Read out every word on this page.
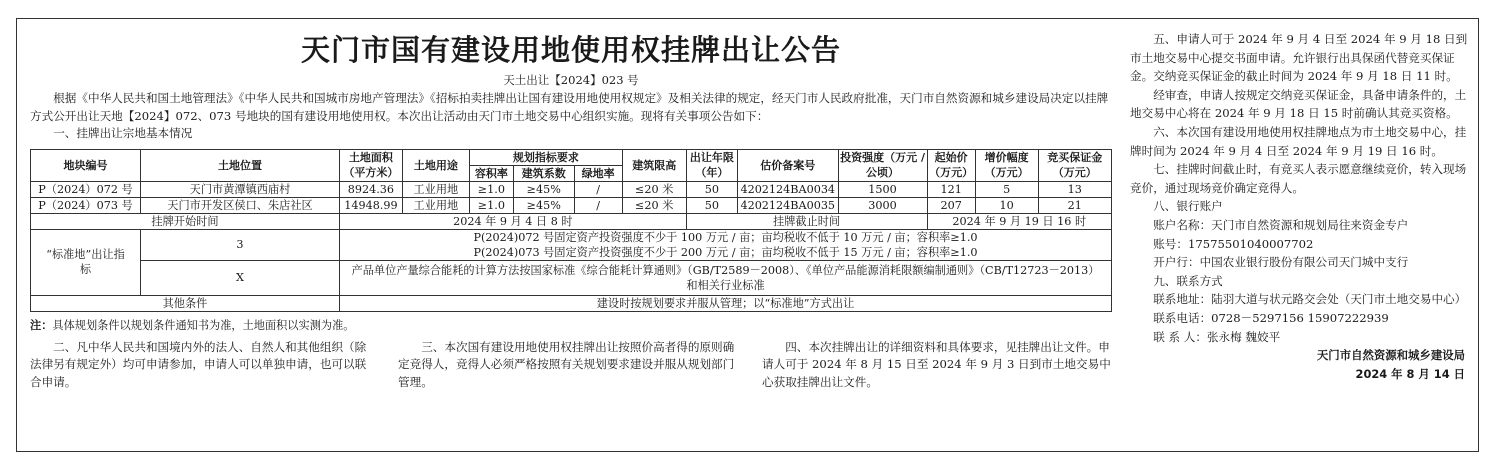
天门市国有建设用地使用权挂牌出让公告
天土出让【2024】023 号

根据《中华人民共和国土地管理法》《中华人民共和国城市房地产管理法》《招标拍卖挂牌出让国有建设用地使用权规定》及相关法律的规定，经天门市人民政府批准，天门市自然资源和城乡建设局决定以挂牌方式公开出让天地【2024】072、073 号地块的国有建设用地使用权。本次出让活动由天门市土地交易中心组织实施。现将有关事项公告如下：

一、挂牌出让宗地基本情况

地块编号	土地位置	土地面积（平方米）	土地用途	规划指标要求			建筑限高	出让年限（年）	估价备案号	投资强度（万元 / 公顷）	起始价（万元）	增价幅度（万元）	竞买保证金（万元）
				容积率	建筑系数	绿地率							
P（2024）072 号	天门市黄潭镇西庙村	8924.36	工业用地	≥1.0	≥45%	/	≤20 米	50	4202124BA0034	1500	121	5	13
P（2024）073 号	天门市开发区侯口、朱店社区	14948.99	工业用地	≥1.0	≥45%	/	≤20 米	50	4202124BA0035	3000	207	10	21
挂牌开始时间		2024 年 9 月 4 日 8 时						挂牌截止时间			2024 年 9 月 19 日 16 时		
“标准地”出让指标	3	P(2024)072 号固定资产投资强度不少于 100 万元 / 亩；亩均税收不低于 10 万元 / 亩；容积率≥1.0
P(2024)073 号固定资产投资强度不少于 200 万元 / 亩；亩均税收不低于 15 万元 / 亩；容积率≥1.0											

	X	产品单位产量综合能耗的计算方法按国家标准《综合能耗计算通则》（GB/T2589－2008）、《单位产品能源消耗限额编制通则》（CB/T12723－2013）和相关行业标准											
其他条件		建设时按规划要求并服从管理；以“标准地”方式出让											
注：具体规划条件以规划条件通知书为准，土地面积以实测为准。

二、凡中华人民共和国境内外的法人、自然人和其他组织（除法律另有规定外）均可申请参加，申请人可以单独申请，也可以联合申请。

三、本次国有建设用地使用权挂牌出让按照价高者得的原则确定竞得人，竞得人必须严格按照有关规划要求建设并服从规划部门管理。

四、本次挂牌出让的详细资料和具体要求，见挂牌出让文件。申请人可于 2024 年 8 月 15 日至 2024 年 9 月 3 日到市土地交易中心获取挂牌出让文件。

五、申请人可于 2024 年 9 月 4 日至 2024 年 9 月 18 日到市土地交易中心提交书面申请。允许银行出具保函代替竞买保证金。交纳竞买保证金的截止时间为 2024 年 9 月 18 日 11 时。

经审查，申请人按规定交纳竞买保证金，具备申请条件的，土地交易中心将在 2024 年 9 月 18 日 15 时前确认其竞买资格。

六、本次国有建设用地使用权挂牌地点为市土地交易中心，挂牌时间为 2024 年 9 月 4 日至 2024 年 9 月 19 日 16 时。

七、挂牌时间截止时，有竞买人表示愿意继续竞价，转入现场竞价，通过现场竞价确定竞得人。

八、银行账户

账户名称：天门市自然资源和规划局往来资金专户

账号：17575501040007702

开户行：中国农业银行股份有限公司天门城中支行

九、联系方式

联系地址：陆羽大道与状元路交会处（天门市土地交易中心）

联系电话：0728－5297156 15907222939

联 系 人：张永梅 魏姣平

天门市自然资源和城乡建设局

2024 年 8 月 14 日
